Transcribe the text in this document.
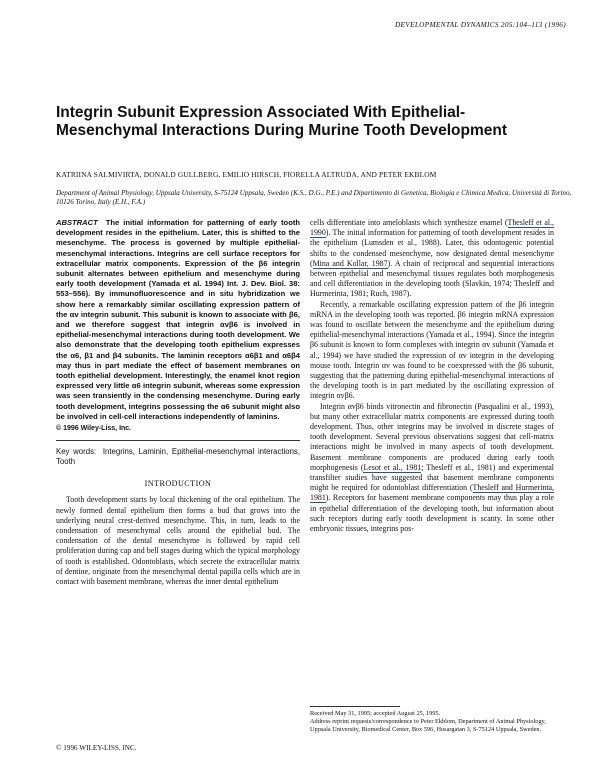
DEVELOPMENTAL DYNAMICS 205:104–113 (1996)
Integrin Subunit Expression Associated With Epithelial-Mesenchymal Interactions During Murine Tooth Development
KATRIINA SALMIVIRTA, DONALD GULLBERG, EMILIO HIRSCH, FIORELLA ALTRUDA, AND PETER EKBLOM
Department of Animal Physiology, Uppsala University, S-75124 Uppsala, Sweden (K.S., D.G., P.E.) and Dipartimento di Genetica, Biologia e Chimica Medica, Università di Torino, 10126 Torino, Italy (E.H., F.A.)
ABSTRACT The initial information for patterning of early tooth development resides in the epithelium. Later, this is shifted to the mesenchyme. The process is governed by multiple epithelial-mesenchymal interactions. Integrins are cell surface receptors for extracellular matrix components. Expression of the β6 integrin subunit alternates between epithelium and mesenchyme during early tooth development (Yamada et al. 1994) Int. J. Dev. Biol. 38: 553–556). By immunofluorescence and in situ hybridization we show here a remarkably similar oscillating expression pattern of the αv integrin subunit. This subunit is known to associate with β6, and we therefore suggest that integrin αvβ6 is involved in epithelial-mesenchymal interactions during tooth development. We also demonstrate that the developing tooth epithelium expresses the α6, β1 and β4 subunits. The laminin receptors α6β1 and α6β4 may thus in part mediate the effect of basement membranes on tooth epithelial development. Interestingly, the enamel knot region expressed very little α6 integrin subunit, whereas some expression was seen transiently in the condensing mesenchyme. During early tooth development, integrins possessing the α6 subunit might also be involved in cell-cell interactions independently of laminins.
© 1996 Wiley-Liss, Inc.
Key words: Integrins, Laminin, Epithelial-mesenchymal interactions, Tooth
INTRODUCTION

Tooth development starts by local thickening of the oral epithelium. The newly formed dental epithelium then forms a bud that grows into the underlying neural crest-derived mesenchyme. This, in turn, leads to the condensation of mesenchymal cells around the epithelial bud. The condensation of the dental mesenchyme is followed by rapid cell proliferation during cap and bell stages during which the typical morphology of tooth is established. Odontoblasts, which secrete the extracellular matrix of dentine, originate from the mesenchymal dental papilla cells which are in contact with basement membrane, whereas the inner dental epithelium

cells differentiate into ameloblasts which synthesize enamel (Thesleff et al., 1990). The initial information for patterning of tooth development resides in the epithelium (Lumsden et al., 1988). Later, this odontogenic potential shifts to the condensed mesenchyme, now designated dental mesenchyme (Mina and Kollar, 1987). A chain of reciprocal and sequential interactions between epithelial and mesenchymal tissues regulates both morphogenesis and cell differentiation in the developing tooth (Slavkin, 1974; Thesleff and Hurmerinta, 1981; Ruch, 1987).

Recently, a remarkable oscillating expression pattern of the β6 integrin mRNA in the developing tooth was reported. β6 integrin mRNA expression was found to oscillate between the mesenchyme and the epithelium during epithelial-mesenchymal interactions (Yamada et al., 1994). Since the integrin β6 subunit is known to form complexes with integrin αv subunit (Yamada et al., 1994) we have studied the expression of αv integrin in the developing mouse tooth. Integrin αv was found to be coexpressed with the β6 subunit, suggesting that the patterning during epithelial-mesenchymal interactions of the developing tooth is in part mediated by the oscillating expression of integrin αvβ6.

Integrin αvβ6 binds vitronectin and fibronectin (Pasqualini et al., 1993), but many other extracellular matrix components are expressed during tooth development. Thus, other integrins may be involved in discrete stages of tooth development. Several previous observations suggest that cell-matrix interactions might be involved in many aspects of tooth development. Basement membrane components are produced during early tooth morphogenesis (Lesot et al., 1981; Thesleff et al., 1981) and experimental transfilter studies have suggested that basement membrane components might be required for odontoblast differentiation (Thesleff and Hurmerinta, 1981). Receptors for basement membrane components may thus play a role in epithelial differentiation of the developing tooth, but information about such receptors during early tooth development is scanty. In some other embryonic tissues, integrins pos-

Received May 31, 1995; accepted August 25, 1995.
Address reprint requests/correspondence to Peter Ekblom, Department of Animal Physiology, Uppsala University, Biomedical Center, Box 596, Husargatan 3, S-75124 Uppsala, Sweden.
© 1996 WILEY-LISS, INC.
